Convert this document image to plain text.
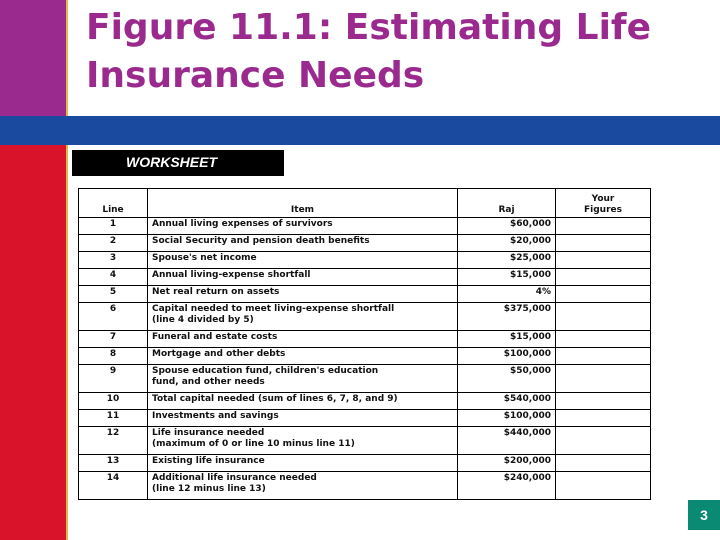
Figure 11.1: Estimating Life
Insurance Needs
WORKSHEET
Line	Item	Raj	Your
Figures

1	Annual living expenses of survivors	$60,000	
2	Social Security and pension death benefits	$20,000	
3	Spouse's net income	$25,000	
4	Annual living-expense shortfall	$15,000	
5	Net real return on assets	4%	
6	Capital needed to meet living-expense shortfall
(line 4 divided by 5)	$375,000	
7	Funeral and estate costs	$15,000	
8	Mortgage and other debts	$100,000	
9	Spouse education fund, children's education
fund, and other needs	$50,000	
10	Total capital needed (sum of lines 6, 7, 8, and 9)	$540,000	
11	Investments and savings	$100,000	
12	Life insurance needed
(maximum of 0 or line 10 minus line 11)	$440,000	
13	Existing life insurance	$200,000	
14	Additional life insurance needed
(line 12 minus line 13)	$240,000	
3
